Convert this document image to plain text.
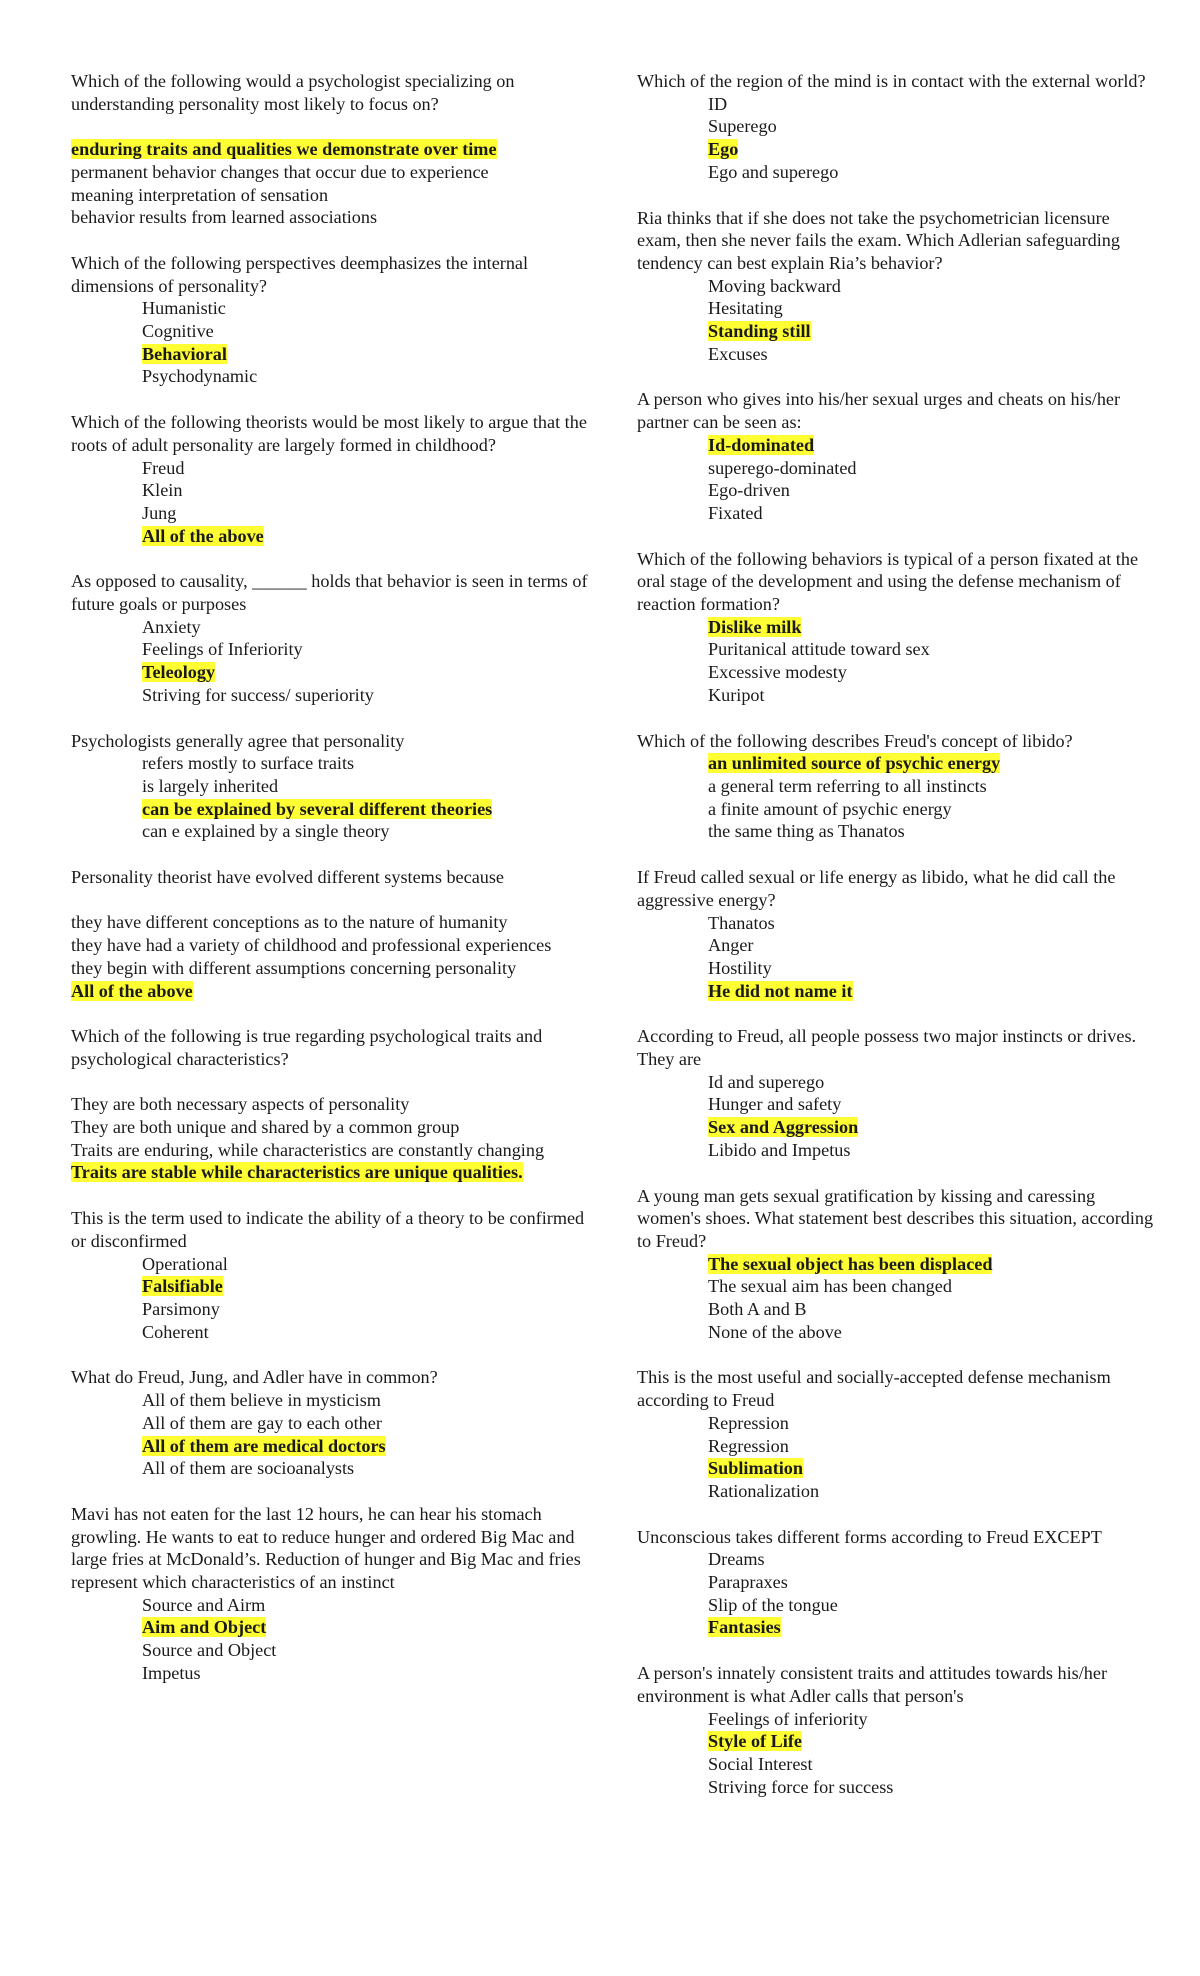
Which of the following would a psychologist specializing on understanding personality most likely to focus on?
enduring traits and qualities we demonstrate over time
permanent behavior changes that occur due to experience
meaning interpretation of sensation
behavior results from learned associations
Which of the following perspectives deemphasizes the internal dimensions of personality?
Humanistic
Cognitive
Behavioral
Psychodynamic
Which of the following theorists would be most likely to argue that the roots of adult personality are largely formed in childhood?
Freud
Klein
Jung
All of the above
As opposed to causality, ______ holds that behavior is seen in terms of future goals or purposes
Anxiety
Feelings of Inferiority
Teleology
Striving for success/ superiority
Psychologists generally agree that personality
refers mostly to surface traits
is largely inherited
can be explained by several different theories
can e explained by a single theory
Personality theorist have evolved different systems because
they have different conceptions as to the nature of humanity
they have had a variety of childhood and professional experiences
they begin with different assumptions concerning personality
All of the above
Which of the following is true regarding psychological traits and psychological characteristics?
They are both necessary aspects of personality
They are both unique and shared by a common group
Traits are enduring, while characteristics are constantly changing
Traits are stable while characteristics are unique qualities.
This is the term used to indicate the ability of a theory to be confirmed or disconfirmed
Operational
Falsifiable
Parsimony
Coherent
What do Freud, Jung, and Adler have in common?
All of them believe in mysticism
All of them are gay to each other
All of them are medical doctors
All of them are socioanalysts
Mavi has not eaten for the last 12 hours, he can hear his stomach growling. He wants to eat to reduce hunger and ordered Big Mac and large fries at McDonald’s. Reduction of hunger and Big Mac and fries represent which characteristics of an instinct
Source and Airm
Aim and Object
Source and Object
Impetus
Which of the region of the mind is in contact with the external world?
ID
Superego
Ego
Ego and superego
Ria thinks that if she does not take the psychometrician licensure exam, then she never fails the exam. Which Adlerian safeguarding tendency can best explain Ria’s behavior?
Moving backward
Hesitating
Standing still
Excuses
A person who gives into his/her sexual urges and cheats on his/her partner can be seen as:
Id-dominated
superego-dominated
Ego-driven
Fixated
Which of the following behaviors is typical of a person fixated at the oral stage of the development and using the defense mechanism of reaction formation?
Dislike milk
Puritanical attitude toward sex
Excessive modesty
Kuripot
Which of the following describes Freud's concept of libido?
an unlimited source of psychic energy
a general term referring to all instincts
a finite amount of psychic energy
the same thing as Thanatos
If Freud called sexual or life energy as libido, what he did call the aggressive energy?
Thanatos
Anger
Hostility
He did not name it
According to Freud, all people possess two major instincts or drives. They are
Id and superego
Hunger and safety
Sex and Aggression
Libido and Impetus
A young man gets sexual gratification by kissing and caressing women's shoes. What statement best describes this situation, according to Freud?
The sexual object has been displaced
The sexual aim has been changed
Both A and B
None of the above
This is the most useful and socially-accepted defense mechanism according to Freud
Repression
Regression
Sublimation
Rationalization
Unconscious takes different forms according to Freud EXCEPT
Dreams
Parapraxes
Slip of the tongue
Fantasies
A person's innately consistent traits and attitudes towards his/her environment is what Adler calls that person's
Feelings of inferiority
Style of Life
Social Interest
Striving force for success
